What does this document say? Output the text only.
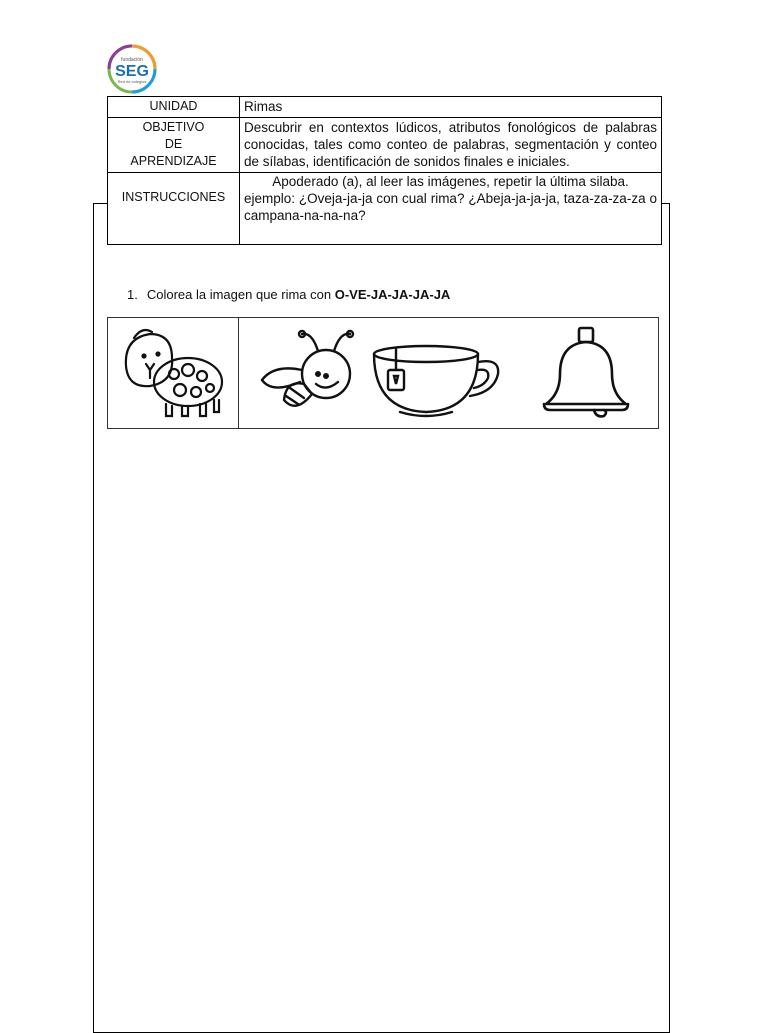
fundación
SEG
Red de colegios
UNIDAD	Rimas

OBJETIVO
DE
APRENDIZAJE	Descubrir en contextos lúdicos, atributos fonológicos de palabras conocidas, tales como conteo de palabras, segmentación y conteo de sílabas, identificación de sonidos finales e iniciales.
INSTRUCCIONES	Apoderado (a), al leer las imágenes, repetir la última silaba.
ejemplo: ¿Oveja-ja-ja con cual rima? ¿Abeja-ja-ja-ja, taza-za-za-za o campana-na-na-na?
1. Colorea la imagen que rima con O-VE-JA-JA-JA-JA
